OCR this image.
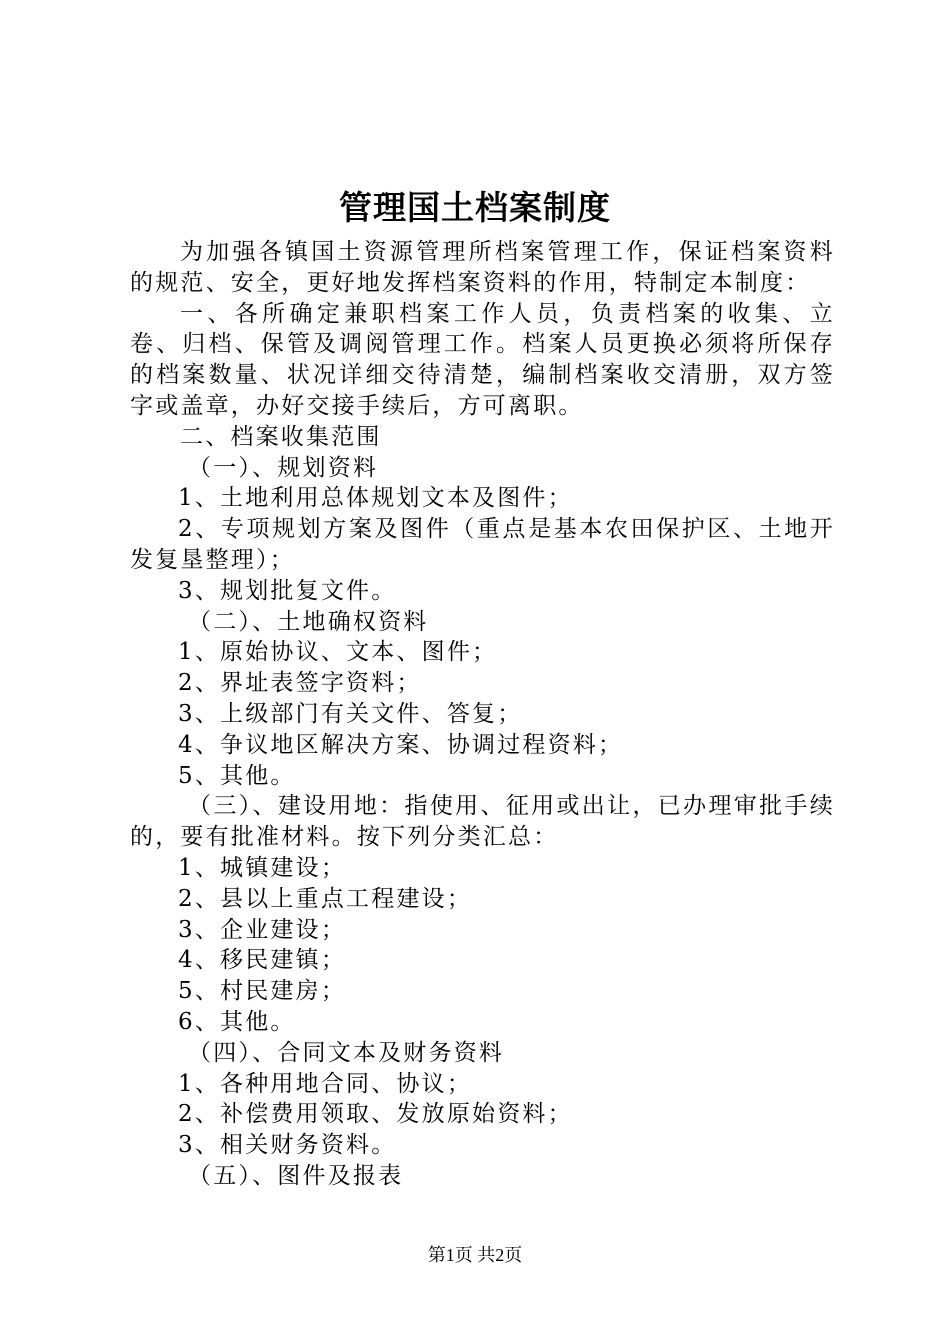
管理国土档案制度

为加强各镇国土资源管理所档案管理工作，保证档案资料的规范、安全，更好地发挥档案资料的作用，特制定本制度：

一、各所确定兼职档案工作人员，负责档案的收集、立卷、归档、保管及调阅管理工作。档案人员更换必须将所保存的档案数量、状况详细交待清楚，编制档案收交清册，双方签字或盖章，办好交接手续后，方可离职。

二、档案收集范围

（一）、规划资料

1、土地利用总体规划文本及图件；

2、专项规划方案及图件（重点是基本农田保护区、土地开发复垦整理）；

3、规划批复文件。

（二）、土地确权资料

1、原始协议、文本、图件；

2、界址表签字资料；

3、上级部门有关文件、答复；

4、争议地区解决方案、协调过程资料；

5、其他。

（三）、建设用地：指使用、征用或出让，已办理审批手续的，要有批准材料。按下列分类汇总：

1、城镇建设；

2、县以上重点工程建设；

3、企业建设；

4、移民建镇；

5、村民建房；

6、其他。

（四）、合同文本及财务资料

1、各种用地合同、协议；

2、补偿费用领取、发放原始资料；

3、相关财务资料。

（五）、图件及报表

第1页 共2页
